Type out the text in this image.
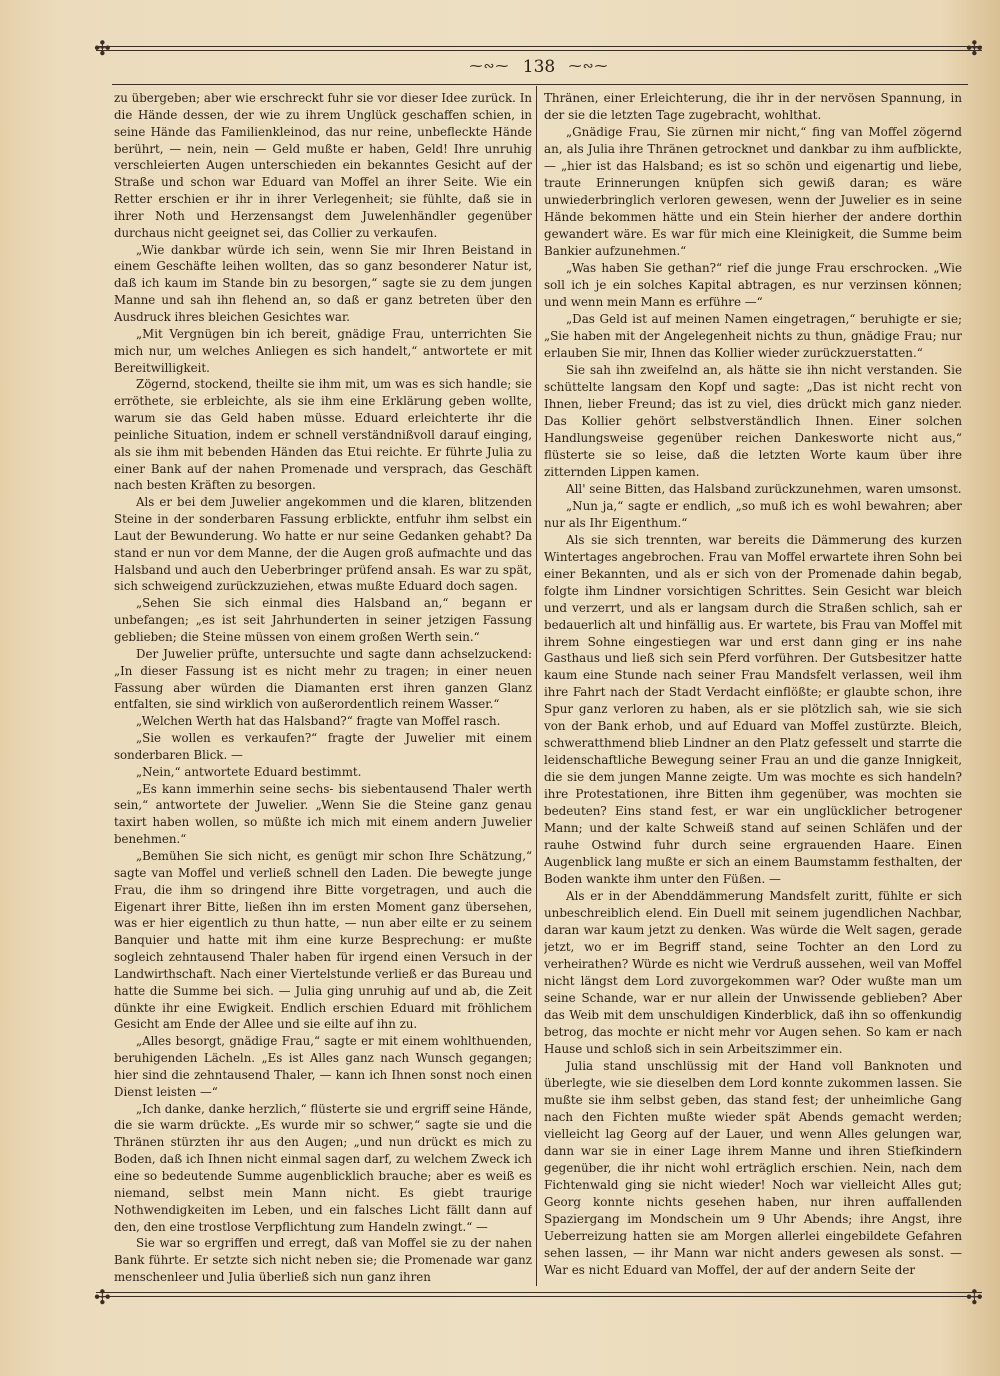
✣	✣
⁓∾⁓ 138 ⁓∾⁓

zu übergeben; aber wie erschreckt fuhr sie vor dieser Idee zurück. In die Hände dessen, der wie zu ihrem Unglück geschaffen schien, in seine Hände das Familienkleinod, das nur reine, unbefleckte Hände berührt, — nein, nein — Geld mußte er haben, Geld! Ihre unruhig verschleierten Augen unterschieden ein bekanntes Gesicht auf der Straße und schon war Eduard van Moffel an ihrer Seite. Wie ein Retter erschien er ihr in ihrer Verlegenheit; sie fühlte, daß sie in ihrer Noth und Herzensangst dem Juwelenhändler gegenüber durchaus nicht geeignet sei, das Collier zu verkaufen.

„Wie dankbar würde ich sein, wenn Sie mir Ihren Beistand in einem Geschäfte leihen wollten, das so ganz besonderer Natur ist, daß ich kaum im Stande bin zu besorgen,“ sagte sie zu dem jungen Manne und sah ihn flehend an, so daß er ganz betreten über den Ausdruck ihres bleichen Gesichtes war.

„Mit Vergnügen bin ich bereit, gnädige Frau, unterrichten Sie mich nur, um welches Anliegen es sich handelt,“ antwortete er mit Bereitwilligkeit.

Zögernd, stockend, theilte sie ihm mit, um was es sich handle; sie erröthete, sie erbleichte, als sie ihm eine Erklärung geben wollte, warum sie das Geld haben müsse. Eduard erleichterte ihr die peinliche Situation, indem er schnell verständnißvoll darauf einging, als sie ihm mit bebenden Händen das Etui reichte. Er führte Julia zu einer Bank auf der nahen Promenade und versprach, das Geschäft nach besten Kräften zu besorgen.

Als er bei dem Juwelier angekommen und die klaren, blitzenden Steine in der sonderbaren Fassung erblickte, entfuhr ihm selbst ein Laut der Bewunderung. Wo hatte er nur seine Gedanken gehabt? Da stand er nun vor dem Manne, der die Augen groß aufmachte und das Halsband und auch den Ueberbringer prüfend ansah. Es war zu spät, sich schweigend zurückzuziehen, etwas mußte Eduard doch sagen.

„Sehen Sie sich einmal dies Halsband an,“ begann er unbefangen; „es ist seit Jahrhunderten in seiner jetzigen Fassung geblieben; die Steine müssen von einem großen Werth sein.“

Der Juwelier prüfte, untersuchte und sagte dann achselzuckend: „In dieser Fassung ist es nicht mehr zu tragen; in einer neuen Fassung aber würden die Diamanten erst ihren ganzen Glanz entfalten, sie sind wirklich von außerordentlich reinem Wasser.“

„Welchen Werth hat das Halsband?“ fragte van Moffel rasch.

„Sie wollen es verkaufen?“ fragte der Juwelier mit einem sonderbaren Blick. —

„Nein,“ antwortete Eduard bestimmt.

„Es kann immerhin seine sechs- bis siebentausend Thaler werth sein,“ antwortete der Juwelier. „Wenn Sie die Steine ganz genau taxirt haben wollen, so müßte ich mich mit einem andern Juwelier benehmen.“

„Bemühen Sie sich nicht, es genügt mir schon Ihre Schätzung,“ sagte van Moffel und verließ schnell den Laden. Die bewegte junge Frau, die ihm so dringend ihre Bitte vorgetragen, und auch die Eigenart ihrer Bitte, ließen ihn im ersten Moment ganz übersehen, was er hier eigentlich zu thun hatte, — nun aber eilte er zu seinem Banquier und hatte mit ihm eine kurze Besprechung: er mußte sogleich zehntausend Thaler haben für irgend einen Versuch in der Landwirthschaft. Nach einer Viertelstunde verließ er das Bureau und hatte die Summe bei sich. — Julia ging unruhig auf und ab, die Zeit dünkte ihr eine Ewigkeit. Endlich erschien Eduard mit fröhlichem Gesicht am Ende der Allee und sie eilte auf ihn zu.

„Alles besorgt, gnädige Frau,“ sagte er mit einem wohlthuenden, beruhigenden Lächeln. „Es ist Alles ganz nach Wunsch gegangen; hier sind die zehntausend Thaler, — kann ich Ihnen sonst noch einen Dienst leisten —“

„Ich danke, danke herzlich,“ flüsterte sie und ergriff seine Hände, die sie warm drückte. „Es wurde mir so schwer,“ sagte sie und die Thränen stürzten ihr aus den Augen; „und nun drückt es mich zu Boden, daß ich Ihnen nicht einmal sagen darf, zu welchem Zweck ich eine so bedeutende Summe augenblicklich brauche; aber es weiß es niemand, selbst mein Mann nicht. Es giebt traurige Nothwendigkeiten im Leben, und ein falsches Licht fällt dann auf den, den eine trostlose Verpflichtung zum Handeln zwingt.“ —

Sie war so ergriffen und erregt, daß van Moffel sie zu der nahen Bank führte. Er setzte sich nicht neben sie; die Promenade war ganz menschenleer und Julia überließ sich nun ganz ihren

Thränen, einer Erleichterung, die ihr in der nervösen Spannung, in der sie die letzten Tage zugebracht, wohlthat.

„Gnädige Frau, Sie zürnen mir nicht,“ fing van Moffel zögernd an, als Julia ihre Thränen getrocknet und dankbar zu ihm aufblickte, — „hier ist das Halsband; es ist so schön und eigenartig und liebe, traute Erinnerungen knüpfen sich gewiß daran; es wäre unwiederbringlich verloren gewesen, wenn der Juwelier es in seine Hände bekommen hätte und ein Stein hierher der andere dorthin gewandert wäre. Es war für mich eine Kleinigkeit, die Summe beim Bankier aufzunehmen.“

„Was haben Sie gethan?“ rief die junge Frau erschrocken. „Wie soll ich je ein solches Kapital abtragen, es nur verzinsen können; und wenn mein Mann es erführe —“

„Das Geld ist auf meinen Namen eingetragen,“ beruhigte er sie; „Sie haben mit der Angelegenheit nichts zu thun, gnädige Frau; nur erlauben Sie mir, Ihnen das Kollier wieder zurückzuerstatten.“

Sie sah ihn zweifelnd an, als hätte sie ihn nicht verstanden. Sie schüttelte langsam den Kopf und sagte: „Das ist nicht recht von Ihnen, lieber Freund; das ist zu viel, dies drückt mich ganz nieder. Das Kollier gehört selbstverständlich Ihnen. Einer solchen Handlungsweise gegenüber reichen Dankesworte nicht aus,“ flüsterte sie so leise, daß die letzten Worte kaum über ihre zitternden Lippen kamen.

All' seine Bitten, das Halsband zurückzunehmen, waren umsonst.

„Nun ja,“ sagte er endlich, „so muß ich es wohl bewahren; aber nur als Ihr Eigenthum.“

Als sie sich trennten, war bereits die Dämmerung des kurzen Wintertages angebrochen. Frau van Moffel erwartete ihren Sohn bei einer Bekannten, und als er sich von der Promenade dahin begab, folgte ihm Lindner vorsichtigen Schrittes. Sein Gesicht war bleich und verzerrt, und als er langsam durch die Straßen schlich, sah er bedauerlich alt und hinfällig aus. Er wartete, bis Frau van Moffel mit ihrem Sohne eingestiegen war und erst dann ging er ins nahe Gasthaus und ließ sich sein Pferd vorführen. Der Gutsbesitzer hatte kaum eine Stunde nach seiner Frau Mandsfelt verlassen, weil ihm ihre Fahrt nach der Stadt Verdacht einflößte; er glaubte schon, ihre Spur ganz verloren zu haben, als er sie plötzlich sah, wie sie sich von der Bank erhob, und auf Eduard van Moffel zustürzte. Bleich, schweratthmend blieb Lindner an den Platz gefesselt und starrte die leidenschaftliche Bewegung seiner Frau an und die ganze Innigkeit, die sie dem jungen Manne zeigte. Um was mochte es sich handeln? ihre Protestationen, ihre Bitten ihm gegenüber, was mochten sie bedeuten? Eins stand fest, er war ein unglücklicher betrogener Mann; und der kalte Schweiß stand auf seinen Schläfen und der rauhe Ostwind fuhr durch seine ergrauenden Haare. Einen Augenblick lang mußte er sich an einem Baumstamm festhalten, der Boden wankte ihm unter den Füßen. —

Als er in der Abenddämmerung Mandsfelt zuritt, fühlte er sich unbeschreiblich elend. Ein Duell mit seinem jugendlichen Nachbar, daran war kaum jetzt zu denken. Was würde die Welt sagen, gerade jetzt, wo er im Begriff stand, seine Tochter an den Lord zu verheirathen? Würde es nicht wie Verdruß aussehen, weil van Moffel nicht längst dem Lord zuvorgekommen war? Oder wußte man um seine Schande, war er nur allein der Unwissende geblieben? Aber das Weib mit dem unschuldigen Kinderblick, daß ihn so offenkundig betrog, das mochte er nicht mehr vor Augen sehen. So kam er nach Hause und schloß sich in sein Arbeitszimmer ein.

Julia stand unschlüssig mit der Hand voll Banknoten und überlegte, wie sie dieselben dem Lord konnte zukommen lassen. Sie mußte sie ihm selbst geben, das stand fest; der unheimliche Gang nach den Fichten mußte wieder spät Abends gemacht werden; vielleicht lag Georg auf der Lauer, und wenn Alles gelungen war, dann war sie in einer Lage ihrem Manne und ihren Stiefkindern gegenüber, die ihr nicht wohl erträglich erschien. Nein, nach dem Fichtenwald ging sie nicht wieder! Noch war vielleicht Alles gut; Georg konnte nichts gesehen haben, nur ihren auffallenden Spaziergang im Mondschein um 9 Uhr Abends; ihre Angst, ihre Ueberreizung hatten sie am Morgen allerlei eingebildete Gefahren sehen lassen, — ihr Mann war nicht anders gewesen als sonst. — War es nicht Eduard van Moffel, der auf der andern Seite der

✣	✣
